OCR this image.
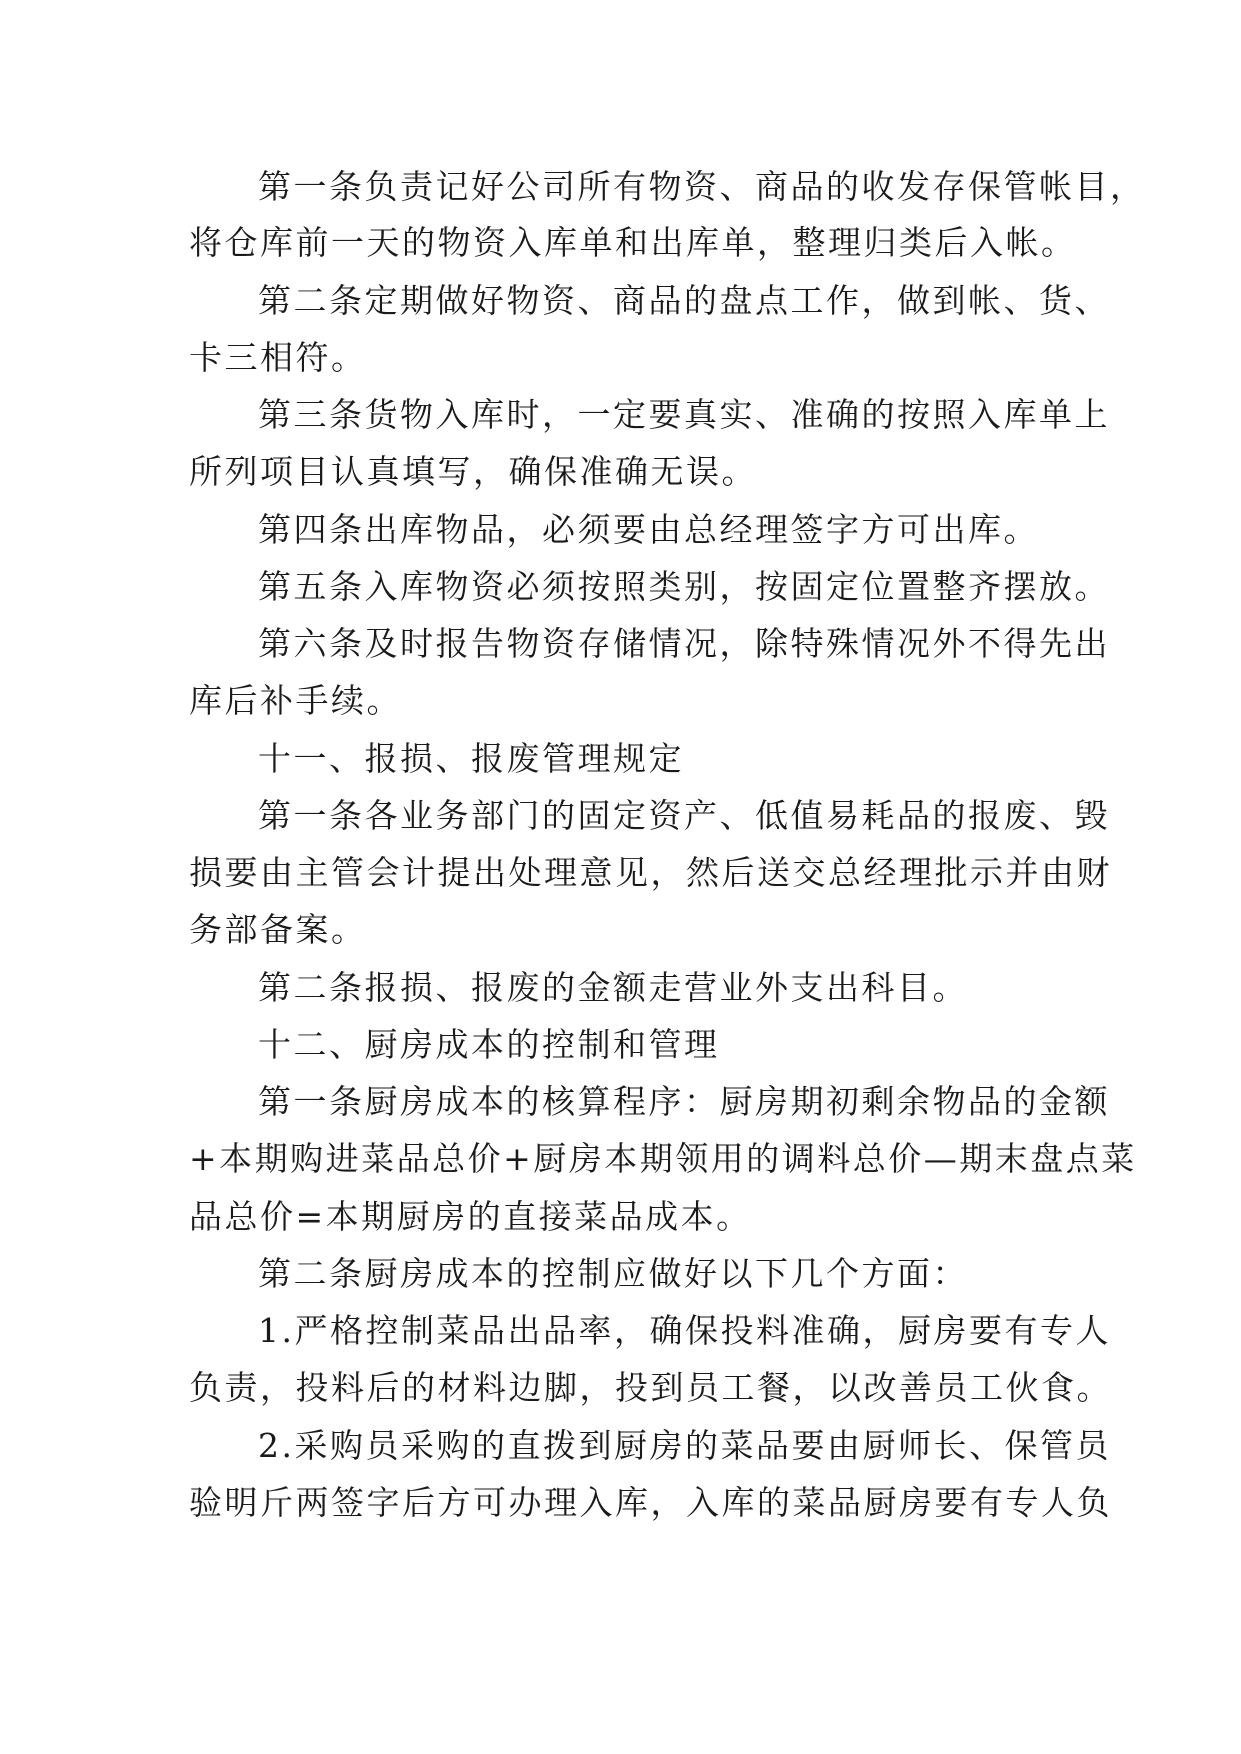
第一条负责记好公司所有物资、商品的收发存保管帐目，
将仓库前一天的物资入库单和出库单，整理归类后入帐。
第二条定期做好物资、商品的盘点工作，做到帐、货、
卡三相符。
第三条货物入库时，一定要真实、准确的按照入库单上
所列项目认真填写，确保准确无误。
第四条出库物品，必须要由总经理签字方可出库。
第五条入库物资必须按照类别，按固定位置整齐摆放。
第六条及时报告物资存储情况，除特殊情况外不得先出
库后补手续。
十一、报损、报废管理规定
第一条各业务部门的固定资产、低值易耗品的报废、毁
损要由主管会计提出处理意见，然后送交总经理批示并由财
务部备案。
第二条报损、报废的金额走营业外支出科目。
十二、厨房成本的控制和管理
第一条厨房成本的核算程序：厨房期初剩余物品的金额
+本期购进菜品总价+厨房本期领用的调料总价—期末盘点菜
品总价=本期厨房的直接菜品成本。
第二条厨房成本的控制应做好以下几个方面：
1.严格控制菜品出品率，确保投料准确，厨房要有专人
负责，投料后的材料边脚，投到员工餐，以改善员工伙食。
2.采购员采购的直拨到厨房的菜品要由厨师长、保管员
验明斤两签字后方可办理入库，入库的菜品厨房要有专人负
